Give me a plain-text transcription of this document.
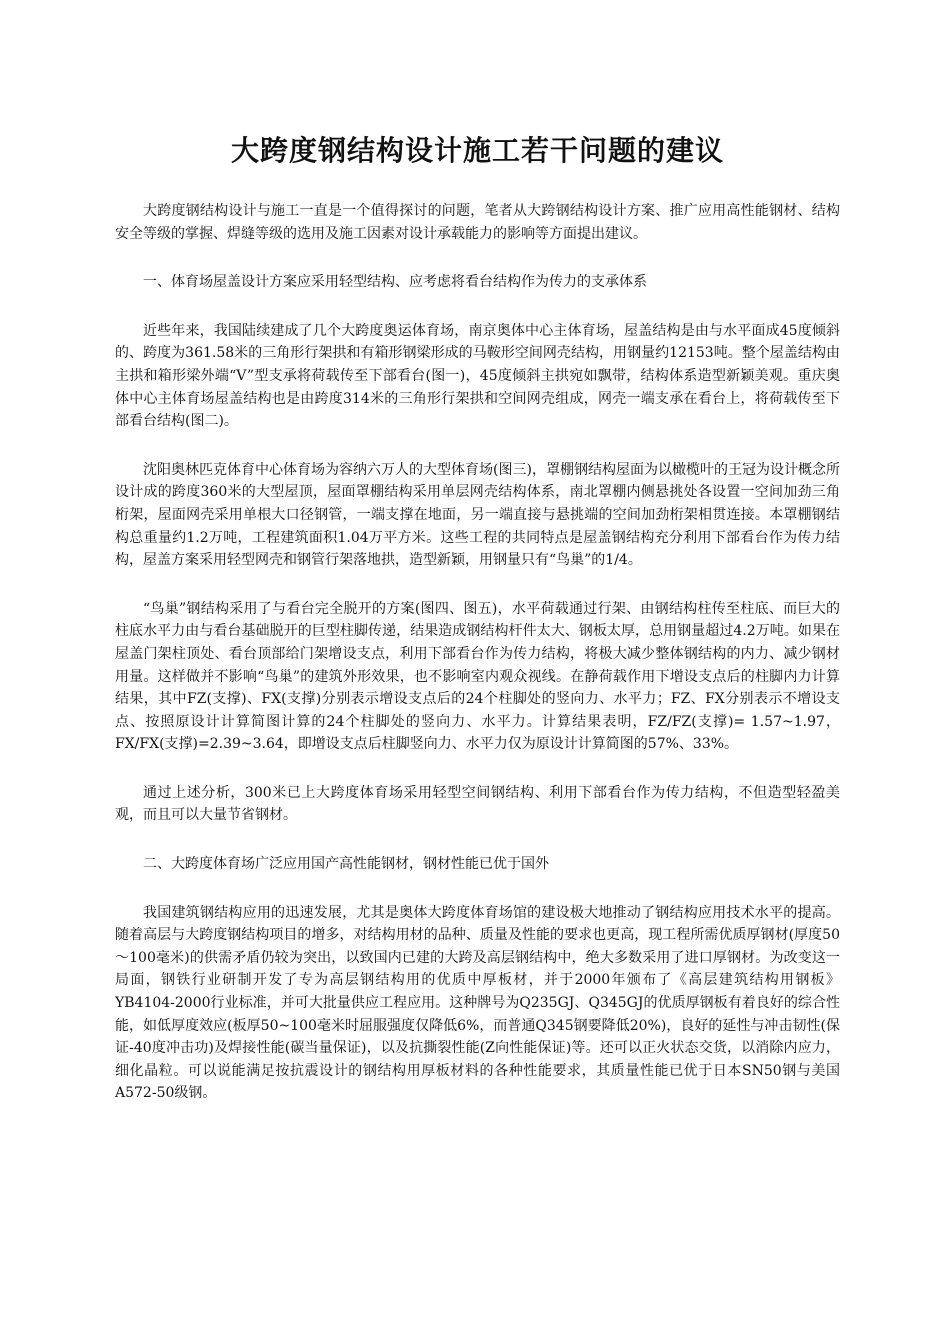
大跨度钢结构设计施工若干问题的建议

大跨度钢结构设计与施工一直是一个值得探讨的问题，笔者从大跨钢结构设计方案、推广应用高性能钢材、结构安全等级的掌握、焊缝等级的选用及施工因素对设计承载能力的影响等方面提出建议。

一、体育场屋盖设计方案应采用轻型结构、应考虑将看台结构作为传力的支承体系

近些年来，我国陆续建成了几个大跨度奥运体育场，南京奥体中心主体育场，屋盖结构是由与水平面成45度倾斜的、跨度为361.58米的三角形行架拱和有箱形钢梁形成的马鞍形空间网壳结构，用钢量约12153吨。整个屋盖结构由主拱和箱形梁外端“V”型支承将荷载传至下部看台(图一)，45度倾斜主拱宛如飘带，结构体系造型新颖美观。重庆奥体中心主体育场屋盖结构也是由跨度314米的三角形行架拱和空间网壳组成，网壳一端支承在看台上，将荷载传至下部看台结构(图二)。

沈阳奥林匹克体育中心体育场为容纳六万人的大型体育场(图三)，罩棚钢结构屋面为以橄榄叶的王冠为设计概念所设计成的跨度360米的大型屋顶，屋面罩棚结构采用单层网壳结构体系，南北罩棚内侧悬挑处各设置一空间加劲三角桁架，屋面网壳采用单根大口径钢管，一端支撑在地面，另一端直接与悬挑端的空间加劲桁架相贯连接。本罩棚钢结构总重量约1.2万吨，工程建筑面积1.04万平方米。这些工程的共同特点是屋盖钢结构充分利用下部看台作为传力结构，屋盖方案采用轻型网壳和钢管行架落地拱，造型新颖，用钢量只有“鸟巢”的1/4。

“鸟巢”钢结构采用了与看台完全脱开的方案(图四、图五)，水平荷载通过行架、由钢结构柱传至柱底、而巨大的柱底水平力由与看台基础脱开的巨型柱脚传递，结果造成钢结构杆件太大、钢板太厚，总用钢量超过4.2万吨。如果在屋盖门架柱顶处、看台顶部给门架增设支点，利用下部看台作为传力结构，将极大减少整体钢结构的内力、减少钢材用量。这样做并不影响“鸟巢”的建筑外形效果，也不影响室内观众视线。在静荷载作用下增设支点后的柱脚内力计算结果，其中FZ(支撑)、FX(支撑)分别表示增设支点后的24个柱脚处的竖向力、水平力；FZ、FX分别表示不增设支点、按照原设计计算简图计算的24个柱脚处的竖向力、水平力。计算结果表明，FZ/FZ(支撑)= 1.57~1.97，FX/FX(支撑)=2.39~3.64，即增设支点后柱脚竖向力、水平力仅为原设计计算简图的57%、33%。

通过上述分析，300米已上大跨度体育场采用轻型空间钢结构、利用下部看台作为传力结构，不但造型轻盈美观，而且可以大量节省钢材。

二、大跨度体育场广泛应用国产高性能钢材，钢材性能已优于国外

我国建筑钢结构应用的迅速发展，尤其是奥体大跨度体育场馆的建设极大地推动了钢结构应用技术水平的提高。随着高层与大跨度钢结构项目的增多，对结构用材的品种、质量及性能的要求也更高，现工程所需优质厚钢材(厚度50～100毫米)的供需矛盾仍较为突出，以致国内已建的大跨及高层钢结构中，绝大多数采用了进口厚钢材。为改变这一局面，钢铁行业研制开发了专为高层钢结构用的优质中厚板材，并于2000年颁布了《高层建筑结构用钢板》YB4104-2000行业标准，并可大批量供应工程应用。这种牌号为Q235GJ、Q345GJ的优质厚钢板有着良好的综合性能，如低厚度效应(板厚50~100毫米时屈服强度仅降低6%，而普通Q345钢要降低20%)，良好的延性与冲击韧性(保证-40度冲击功)及焊接性能(碳当量保证)，以及抗撕裂性能(Z向性能保证)等。还可以正火状态交货，以消除内应力，细化晶粒。可以说能满足按抗震设计的钢结构用厚板材料的各种性能要求，其质量性能已优于日本SN50钢与美国A572-50级钢。
